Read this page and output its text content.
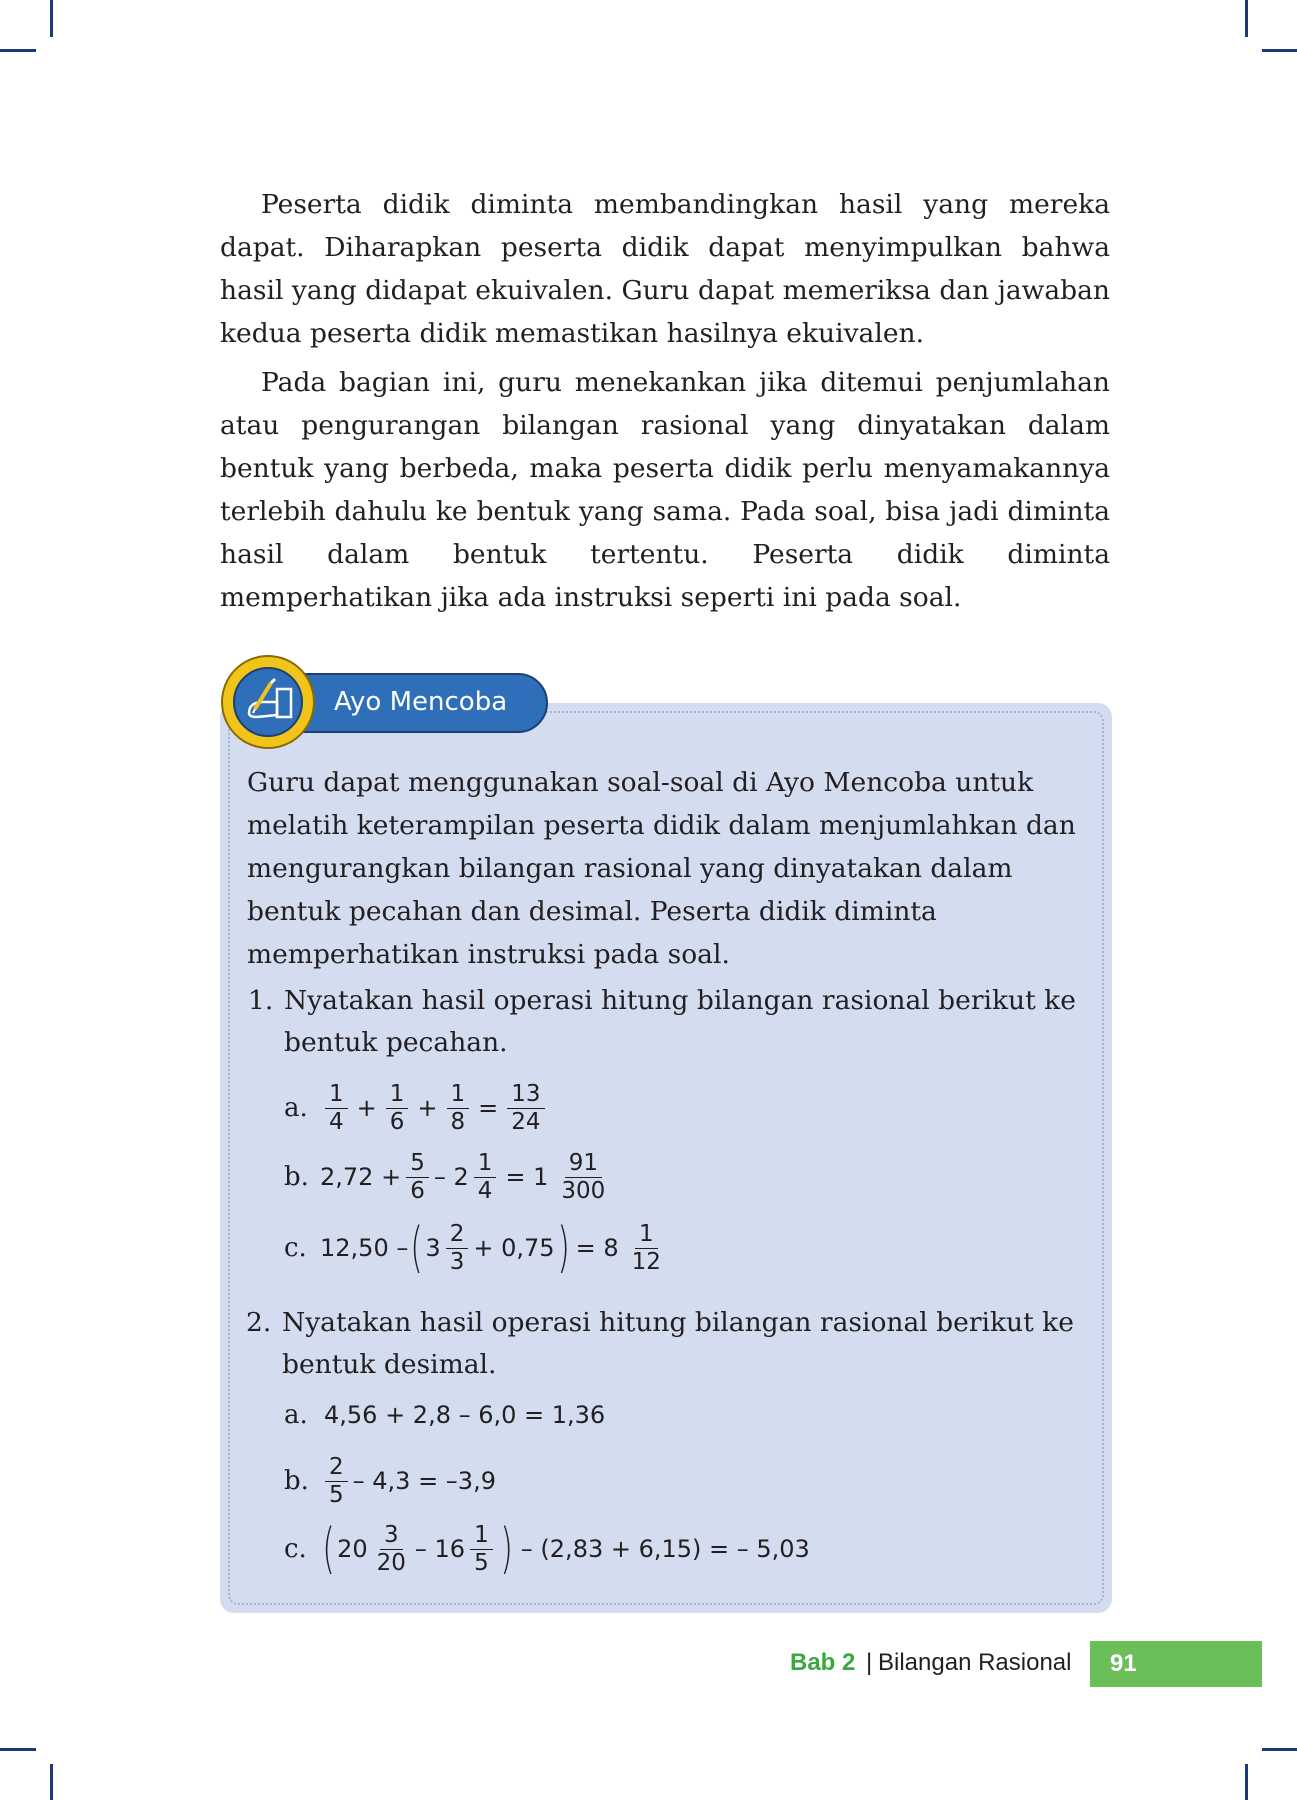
Peserta didik diminta membandingkan hasil yang mereka dapat. Diharapkan peserta didik dapat menyimpulkan bahwa hasil yang didapat ekuivalen. Guru dapat memeriksa dan jawaban kedua peserta didik memastikan hasilnya ekuivalen.

Pada bagian ini, guru menekankan jika ditemui penjumlahan atau pengurangan bilangan rasional yang dinyatakan dalam bentuk yang berbeda, maka peserta didik perlu menyamakannya terlebih dahulu ke bentuk yang sama. Pada soal, bisa jadi diminta hasil dalam bentuk tertentu. Peserta didik diminta memperhatikan jika ada instruksi seperti ini pada soal.

Ayo Mencoba

Guru dapat menggunakan soal-soal di Ayo Mencoba untuk melatih keterampilan peserta didik dalam menjumlahkan dan mengurangkan bilangan rasional yang dinyatakan dalam bentuk pecahan dan desimal. Peserta didik diminta memperhatikan instruksi pada soal.

1. Nyatakan hasil operasi hitung bilangan rasional berikut ke bentuk pecahan.
a. $\frac{1}{4} + \frac{1}{6} + \frac{1}{8} = \frac{13}{24}$
b. $2,72 + \frac{5}{6} - 2 \frac{1}{4} = 1 \frac{91}{300}$
c. 12,50 – ( $3 \frac{2}{3} + 0,75$ ) = $8 \frac{1}{12}$
2. Nyatakan hasil operasi hitung bilangan rasional berikut ke bentuk desimal.
a. 4,56 + 2,8 – 6,0 = 1,36
b. $\frac{2}{5} - 4,3 = -3,9$
c. ( $20 \frac{3}{20} - 16 \frac{1}{5}$ ) – (2,83 + 6,15) = – 5,03
Bab 2 | Bilangan Rasional 91
